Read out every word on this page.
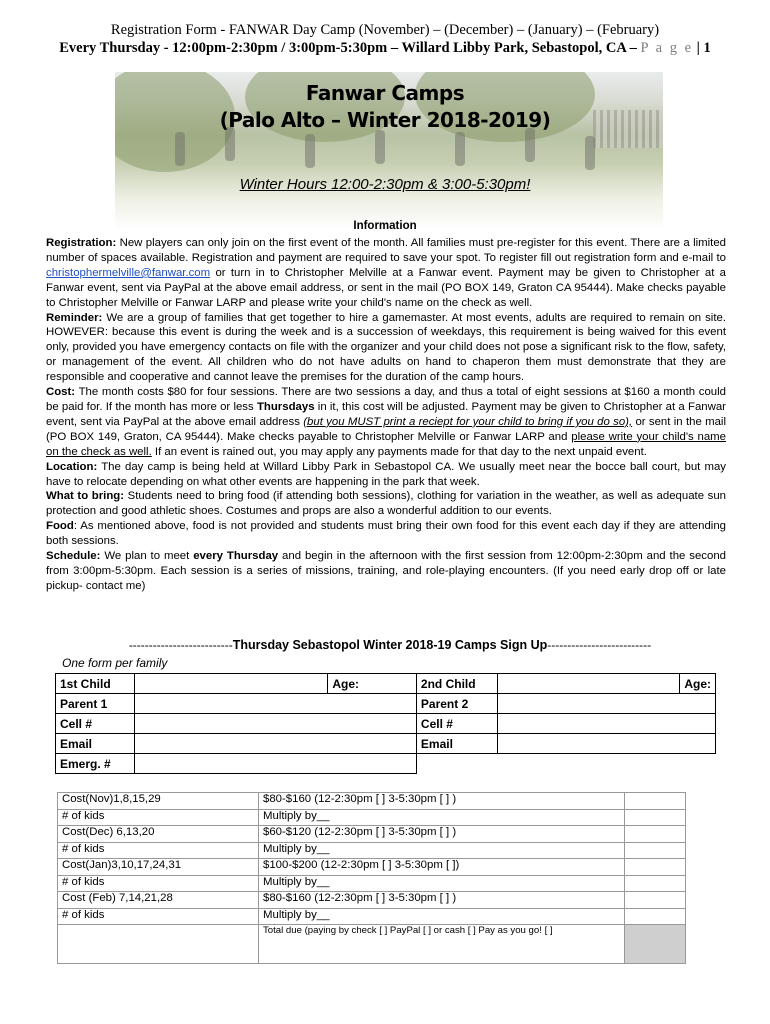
Registration Form - FANWAR Day Camp (November) – (December) – (January) – (February)
Every Thursday - 12:00pm-2:30pm / 3:00pm-5:30pm – Willard Libby Park, Sebastopol, CA – P a g e | 1
Fanwar Camps
(Palo Alto – Winter 2018-2019)
Winter Hours 12:00-2:30pm & 3:00-5:30pm!
Information

Registration: New players can only join on the first event of the month. All families must pre-register for this event. There are a limited number of spaces available. Registration and payment are required to save your spot. To register fill out registration form and e-mail to christophermelville@fanwar.com or turn in to Christopher Melville at a Fanwar event. Payment may be given to Christopher at a Fanwar event, sent via PayPal at the above email address, or sent in the mail (PO BOX 149, Graton CA 95444). Make checks payable to Christopher Melville or Fanwar LARP and please write your child's name on the check as well.

Reminder: We are a group of families that get together to hire a gamemaster. At most events, adults are required to remain on site. HOWEVER: because this event is during the week and is a succession of weekdays, this requirement is being waived for this event only, provided you have emergency contacts on file with the organizer and your child does not pose a significant risk to the flow, safety, or management of the event. All children who do not have adults on hand to chaperon them must demonstrate that they are responsible and cooperative and cannot leave the premises for the duration of the camp hours.

Cost: The month costs $80 for four sessions. There are two sessions a day, and thus a total of eight sessions at $160 a month could be paid for. If the month has more or less Thursdays in it, this cost will be adjusted. Payment may be given to Christopher at a Fanwar event, sent via PayPal at the above email address (but you MUST print a reciept for your child to bring if you do so), or sent in the mail (PO BOX 149, Graton, CA 95444). Make checks payable to Christopher Melville or Fanwar LARP and please write your child's name on the check as well. If an event is rained out, you may apply any payments made for that day to the next unpaid event.

Location: The day camp is being held at Willard Libby Park in Sebastopol CA. We usually meet near the bocce ball court, but may have to relocate depending on what other events are happening in the park that week.

What to bring: Students need to bring food (if attending both sessions), clothing for variation in the weather, as well as adequate sun protection and good athletic shoes. Costumes and props are also a wonderful addition to our events.

Food: As mentioned above, food is not provided and students must bring their own food for this event each day if they are attending both sessions.

Schedule: We plan to meet every Thursday and begin in the afternoon with the first session from 12:00pm-2:30pm and the second from 3:00pm-5:30pm. Each session is a series of missions, training, and role-playing encounters. (If you need early drop off or late pickup- contact me)

--------------------------Thursday Sebastopol Winter 2018-19 Camps Sign Up--------------------------
One form per family
1st Child		Age:	2nd Child		Age:
Parent 1			Parent 2		
Cell #			Cell #		
Email			Email		
Emerg. #					
Cost(Nov)1,8,15,29	$80-$160 (12-2:30pm [ ] 3-5:30pm [ ] )	
# of kids	Multiply by__	
Cost(Dec) 6,13,20	$60-$120 (12-2:30pm [ ] 3-5:30pm [ ] )	
# of kids	Multiply by__	
Cost(Jan)3,10,17,24,31	$100-$200 (12-2:30pm [ ] 3-5:30pm [ ])	
# of kids	Multiply by__	
Cost (Feb) 7,14,21,28	$80-$160 (12-2:30pm [ ] 3-5:30pm [ ] )	
# of kids	Multiply by__	
	Total due (paying by check [ ] PayPal [ ] or cash [ ] Pay as you go! [ ]	
